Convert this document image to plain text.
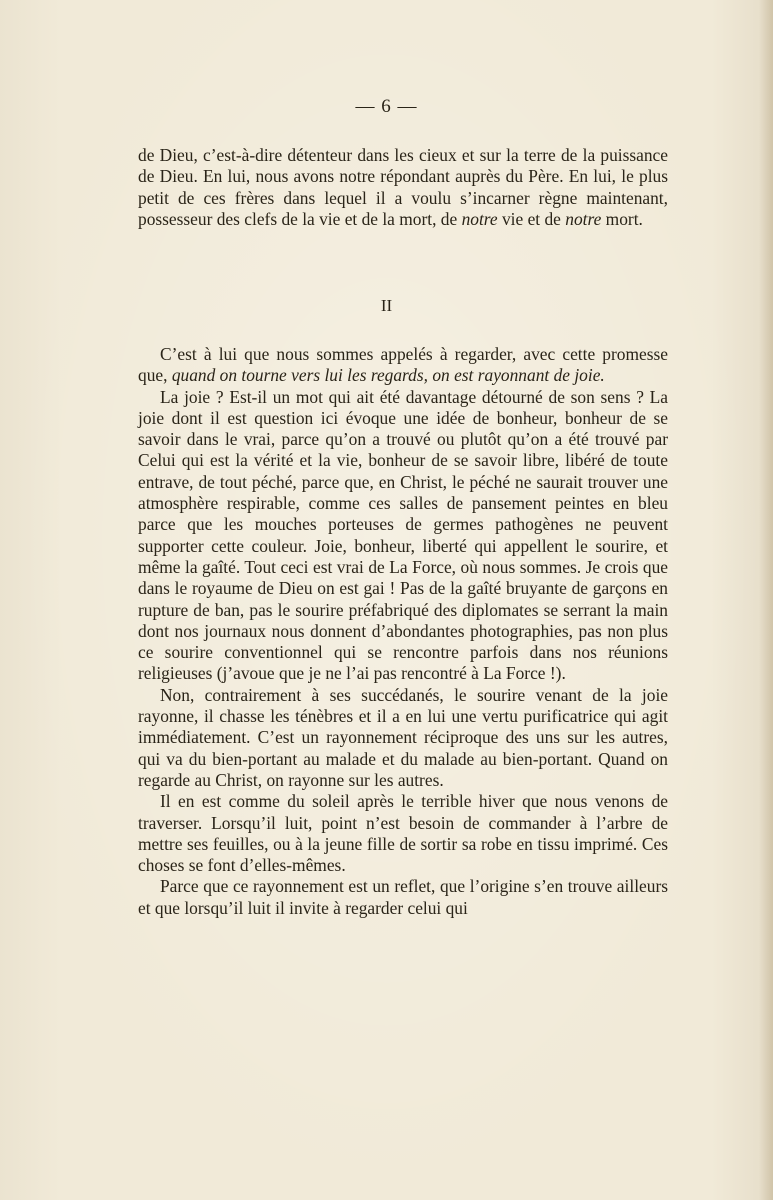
— 6 —

de Dieu, c’est-à-dire détenteur dans les cieux et sur la terre de la puissance de Dieu. En lui, nous avons notre répondant auprès du Père. En lui, le plus petit de ces frères dans lequel il a voulu s’incarner règne maintenant, possesseur des clefs de la vie et de la mort, de notre vie et de notre mort.

II

C’est à lui que nous sommes appelés à regarder, avec cette promesse que, quand on tourne vers lui les regards, on est rayonnant de joie.

La joie ? Est-il un mot qui ait été davantage détourné de son sens ? La joie dont il est question ici évoque une idée de bonheur, bonheur de se savoir dans le vrai, parce qu’on a trouvé ou plutôt qu’on a été trouvé par Celui qui est la vérité et la vie, bonheur de se savoir libre, libéré de toute entrave, de tout péché, parce que, en Christ, le péché ne saurait trouver une atmosphère respirable, comme ces salles de pansement peintes en bleu parce que les mouches porteuses de germes pathogènes ne peuvent supporter cette couleur. Joie, bonheur, liberté qui appellent le sourire, et même la gaîté. Tout ceci est vrai de La Force, où nous sommes. Je crois que dans le royaume de Dieu on est gai ! Pas de la gaîté bruyante de garçons en rupture de ban, pas le sourire préfabriqué des diplomates se serrant la main dont nos journaux nous donnent d’abondantes photographies, pas non plus ce sourire conventionnel qui se rencontre parfois dans nos réunions religieuses (j’avoue que je ne l’ai pas rencontré à La Force !).

Non, contrairement à ses succédanés, le sourire venant de la joie rayonne, il chasse les ténèbres et il a en lui une vertu purificatrice qui agit immédiatement. C’est un rayonnement réciproque des uns sur les autres, qui va du bien-portant au malade et du malade au bien-portant. Quand on regarde au Christ, on rayonne sur les autres.

Il en est comme du soleil après le terrible hiver que nous venons de traverser. Lorsqu’il luit, point n’est besoin de commander à l’arbre de mettre ses feuilles, ou à la jeune fille de sortir sa robe en tissu imprimé. Ces choses se font d’elles-mêmes.

Parce que ce rayonnement est un reflet, que l’origine s’en trouve ailleurs et que lorsqu’il luit il invite à regarder celui qui
